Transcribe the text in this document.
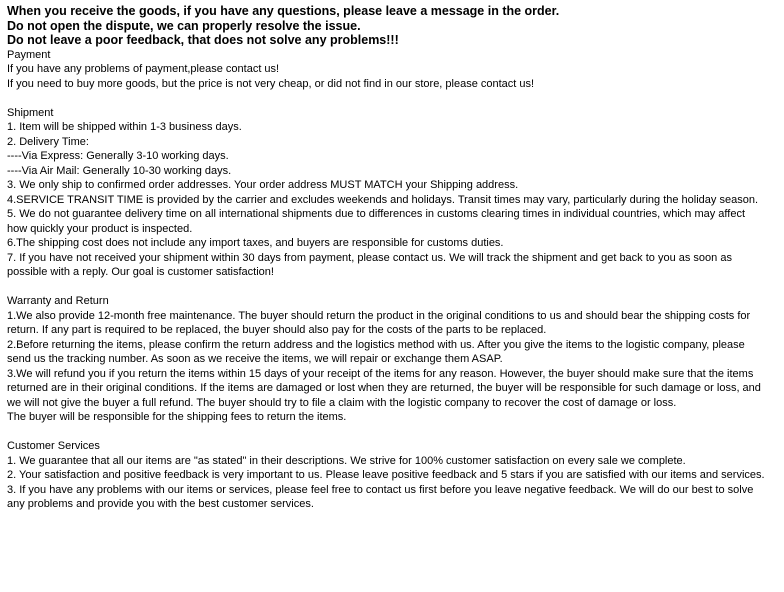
When you receive the goods, if you have any questions, please leave a message in the order.
Do not open the dispute, we can properly resolve the issue.
Do not leave a poor feedback, that does not solve any problems!!!
Payment
If you have any problems of payment,please contact us!
If you need to buy more goods, but the price is not very cheap, or did not find in our store, please contact us!
Shipment
1. Item will be shipped within 1-3 business days.
2. Delivery Time:
----Via Express: Generally 3-10 working days.
----Via Air Mail: Generally 10-30 working days.
3. We only ship to confirmed order addresses. Your order address MUST MATCH your Shipping address.
4.SERVICE TRANSIT TIME is provided by the carrier and excludes weekends and holidays. Transit times may vary, particularly during the holiday season.
5. We do not guarantee delivery time on all international shipments due to differences in customs clearing times in individual countries, which may affect how quickly your product is inspected.
6.The shipping cost does not include any import taxes, and buyers are responsible for customs duties.
7. If you have not received your shipment within 30 days from payment, please contact us. We will track the shipment and get back to you as soon as possible with a reply. Our goal is customer satisfaction!
Warranty and Return
1.We also provide 12-month free maintenance. The buyer should return the product in the original conditions to us and should bear the shipping costs for return. If any part is required to be replaced, the buyer should also pay for the costs of the parts to be replaced.
2.Before returning the items, please confirm the return address and the logistics method with us. After you give the items to the logistic company, please send us the tracking number. As soon as we receive the items, we will repair or exchange them ASAP.
3.We will refund you if you return the items within 15 days of your receipt of the items for any reason. However, the buyer should make sure that the items returned are in their original conditions. If the items are damaged or lost when they are returned, the buyer will be responsible for such damage or loss, and we will not give the buyer a full refund. The buyer should try to file a claim with the logistic company to recover the cost of damage or loss.
The buyer will be responsible for the shipping fees to return the items.
Customer Services
1. We guarantee that all our items are "as stated" in their descriptions. We strive for 100% customer satisfaction on every sale we complete.
2. Your satisfaction and positive feedback is very important to us. Please leave positive feedback and 5 stars if you are satisfied with our items and services.
3. If you have any problems with our items or services, please feel free to contact us first before you leave negative feedback. We will do our best to solve any problems and provide you with the best customer services.
